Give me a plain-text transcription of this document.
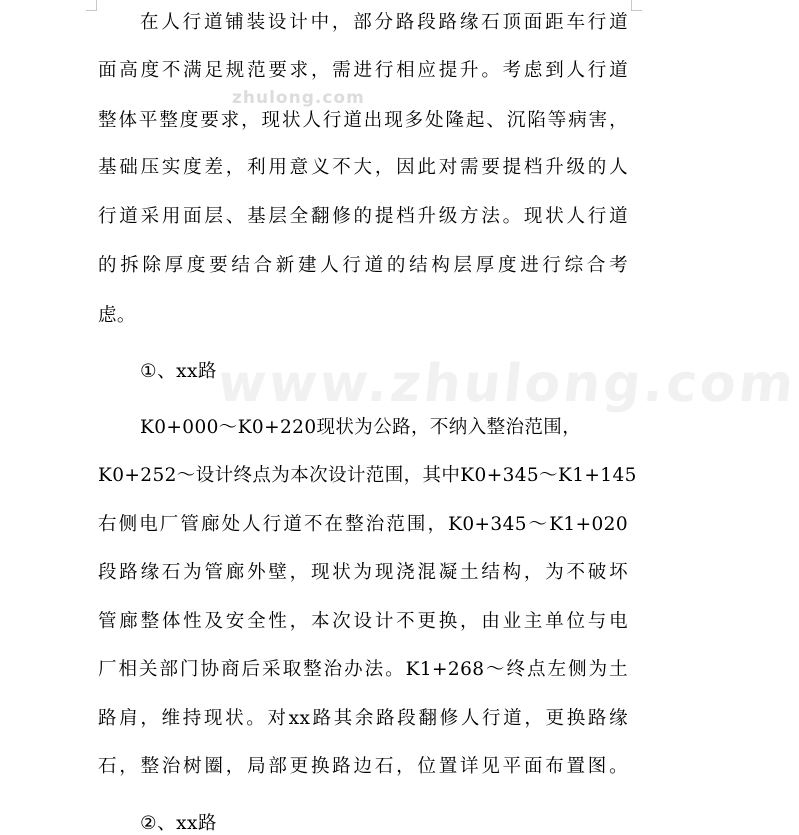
www.zhulong.com
zhulong.com
在人行道铺装设计中，部分路段路缘石顶面距车行道
面高度不满足规范要求，需进行相应提升。考虑到人行道
整体平整度要求，现状人行道出现多处隆起、沉陷等病害，
基础压实度差，利用意义不大，因此对需要提档升级的人
行道采用面层、基层全翻修的提档升级方法。现状人行道
的拆除厚度要结合新建人行道的结构层厚度进行综合考
虑。
①、xx路
K0+000～K0+220现状为公路，不纳入整治范围，
K0+252～设计终点为本次设计范围，其中K0+345～K1+145
右侧电厂管廊处人行道不在整治范围，K0+345～K1+020
段路缘石为管廊外壁，现状为现浇混凝土结构，为不破坏
管廊整体性及安全性，本次设计不更换，由业主单位与电
厂相关部门协商后采取整治办法。K1+268～终点左侧为土
路肩，维持现状。对xx路其余路段翻修人行道，更换路缘
石，整治树圈，局部更换路边石，位置详见平面布置图。
②、xx路
